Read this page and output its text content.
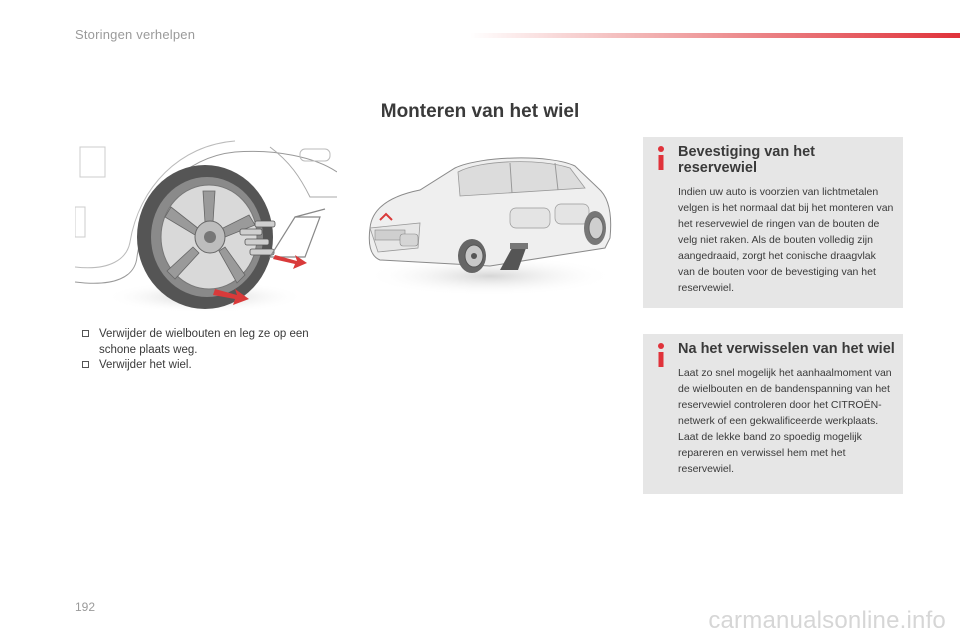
Storingen verhelpen
Monteren van het wiel
Verwijder de wielbouten en leg ze op een schone plaats weg.
Verwijder het wiel.
Bevestiging van het reservewiel

Indien uw auto is voorzien van lichtmetalen velgen is het normaal dat bij het monteren van het reservewiel de ringen van de bouten de velg niet raken. Als de bouten volledig zijn aangedraaid, zorgt het conische draagvlak van de bouten voor de bevestiging van het reservewiel.

Na het verwisselen van het wiel

Laat zo snel mogelijk het aanhaalmoment van de wielbouten en de bandenspanning van het reservewiel controleren door het CITROËN-netwerk of een gekwalificeerde werkplaats.

Laat de lekke band zo spoedig mogelijk repareren en verwissel hem met het reservewiel.

192	carmanualsonline.info
